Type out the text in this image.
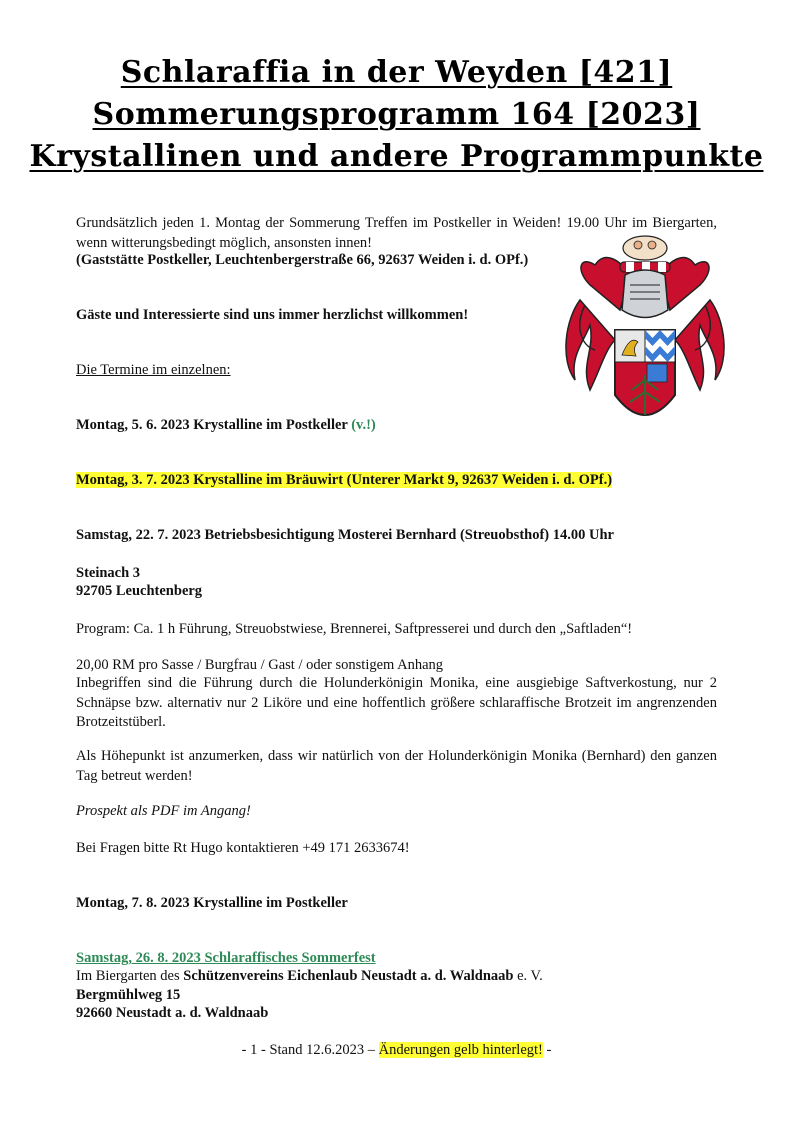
Schlaraffia in der Weyden [421]
Sommerungsprogramm 164 [2023]
Krystallinen und andere Programmpunkte

Grundsätzlich jeden 1. Montag der Sommerung Treffen im Postkeller in Weiden! 19.00 Uhr im Biergarten, wenn witterungsbedingt möglich, ansonsten innen!

(Gaststätte Postkeller, Leuchtenbergerstraße 66, 92637 Weiden i. d. OPf.)

Gäste und Interessierte sind uns immer herzlichst willkommen!

Die Termine im einzelnen:

Montag, 5. 6. 2023 Krystalline im Postkeller (v.!)

Montag, 3. 7. 2023 Krystalline im Bräuwirt (Unterer Markt 9, 92637 Weiden i. d. OPf.)

Samstag, 22. 7. 2023 Betriebsbesichtigung Mosterei Bernhard (Streuobsthof) 14.00 Uhr

Steinach 3

92705 Leuchtenberg

Program: Ca. 1 h Führung, Streuobstwiese, Brennerei, Saftpresserei und durch den „Saftladen“!

20,00 RM pro Sasse / Burgfrau / Gast / oder sonstigem Anhang

Inbegriffen sind die Führung durch die Holunderkönigin Monika, eine ausgiebige Saftverkostung, nur 2 Schnäpse bzw. alternativ nur 2 Liköre und eine hoffentlich größere schlaraffische Brotzeit im angrenzenden Brotzeitstüberl.

Als Höhepunkt ist anzumerken, dass wir natürlich von der Holunderkönigin Monika (Bernhard) den ganzen Tag betreut werden!

Prospekt als PDF im Angang!

Bei Fragen bitte Rt Hugo kontaktieren +49 171 2633674!

Montag, 7. 8. 2023 Krystalline im Postkeller

Samstag, 26. 8. 2023 Schlaraffisches Sommerfest

Im Biergarten des Schützenvereins Eichenlaub Neustadt a. d. Waldnaab e. V.

Bergmühlweg 15

92660 Neustadt a. d. Waldnaab

- 1 - Stand 12.6.2023 – Änderungen gelb hinterlegt! -
